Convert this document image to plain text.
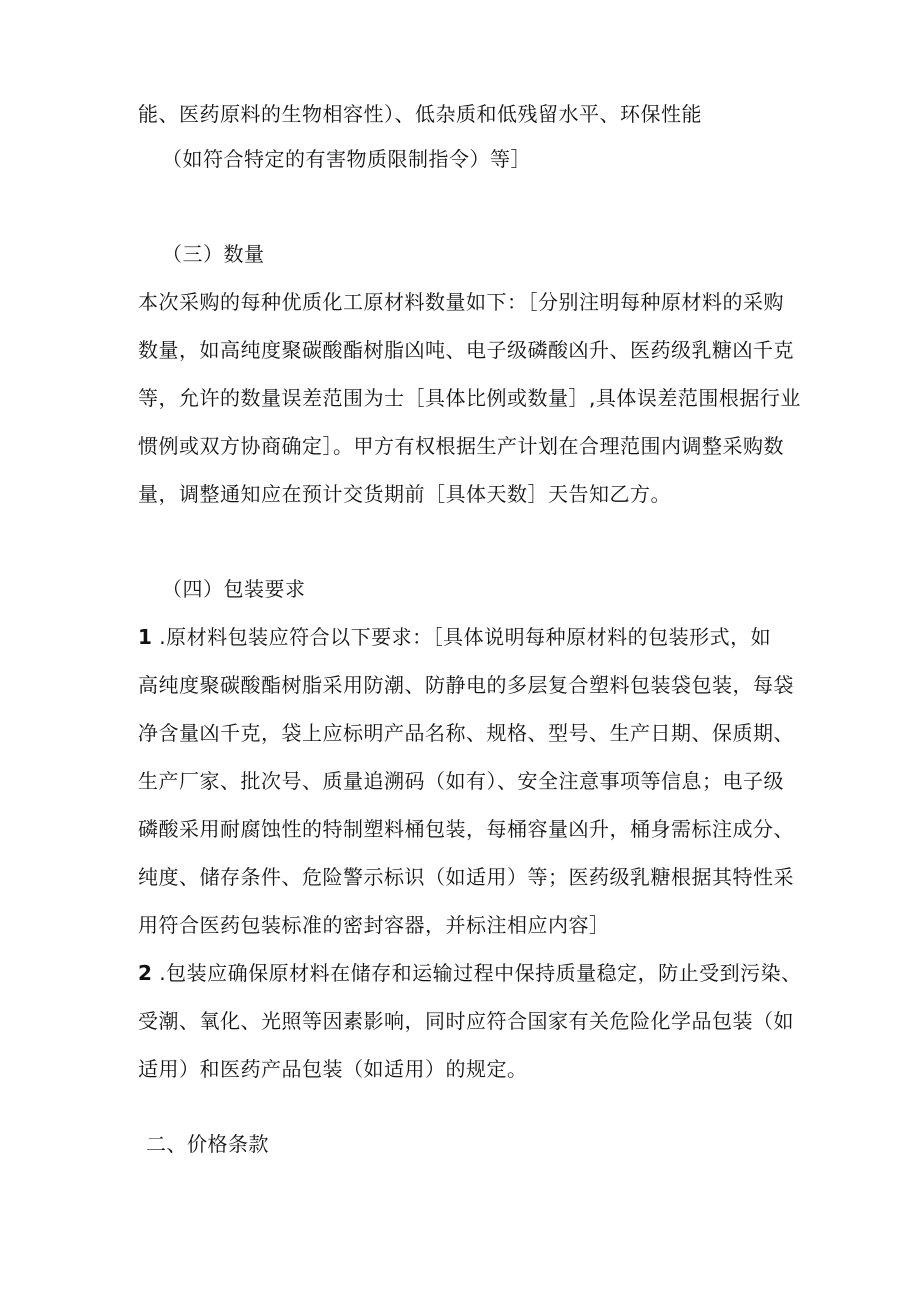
能、医药原料的生物相容性）、低杂质和低残留水平、环保性能
（如符合特定的有害物质限制指令）等］
（三）数量
本次采购的每种优质化工原材料数量如下：［分别注明每种原材料的采购
数量，如高纯度聚碳酸酯树脂凶吨、电子级磷酸凶升、医药级乳糖凶千克
等，允许的数量误差范围为士［具体比例或数量］,具体误差范围根据行业
惯例或双方协商确定］。甲方有权根据生产计划在合理范围内调整采购数
量，调整通知应在预计交货期前［具体天数］天告知乙方。
（四）包装要求
1 .原材料包装应符合以下要求：［具体说明每种原材料的包装形式，如
高纯度聚碳酸酯树脂采用防潮、防静电的多层复合塑料包装袋包装，每袋
净含量凶千克，袋上应标明产品名称、规格、型号、生产日期、保质期、
生产厂家、批次号、质量追溯码（如有）、安全注意事项等信息；电子级
磷酸采用耐腐蚀性的特制塑料桶包装，每桶容量凶升，桶身需标注成分、
纯度、储存条件、危险警示标识（如适用）等；医药级乳糖根据其特性采
用符合医药包装标准的密封容器，并标注相应内容］
2 .包装应确保原材料在储存和运输过程中保持质量稳定，防止受到污染、
受潮、氧化、光照等因素影响，同时应符合国家有关危险化学品包装（如
适用）和医药产品包装（如适用）的规定。
二、价格条款
